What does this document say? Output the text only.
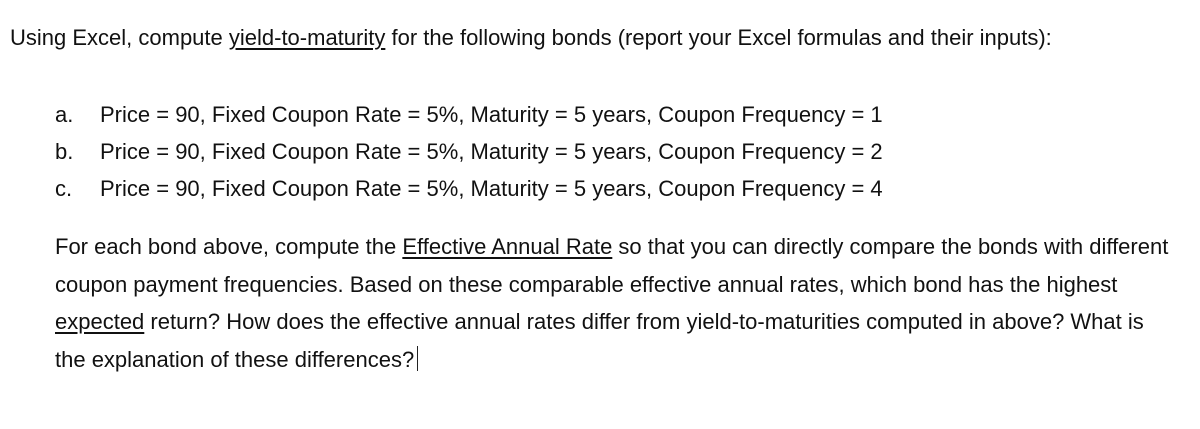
Using Excel, compute yield-to-maturity for the following bonds (report your Excel formulas and their inputs):

a.	Price = 90, Fixed Coupon Rate = 5%, Maturity = 5 years, Coupon Frequency = 1
b.	Price = 90, Fixed Coupon Rate = 5%, Maturity = 5 years, Coupon Frequency = 2
c.	Price = 90, Fixed Coupon Rate = 5%, Maturity = 5 years, Coupon Frequency = 4

For each bond above, compute the Effective Annual Rate so that you can directly compare the bonds with different coupon payment frequencies. Based on these comparable effective annual rates, which bond has the highest expected return? How does the effective annual rates differ from yield-to-maturities computed in above? What is the explanation of these differences?
